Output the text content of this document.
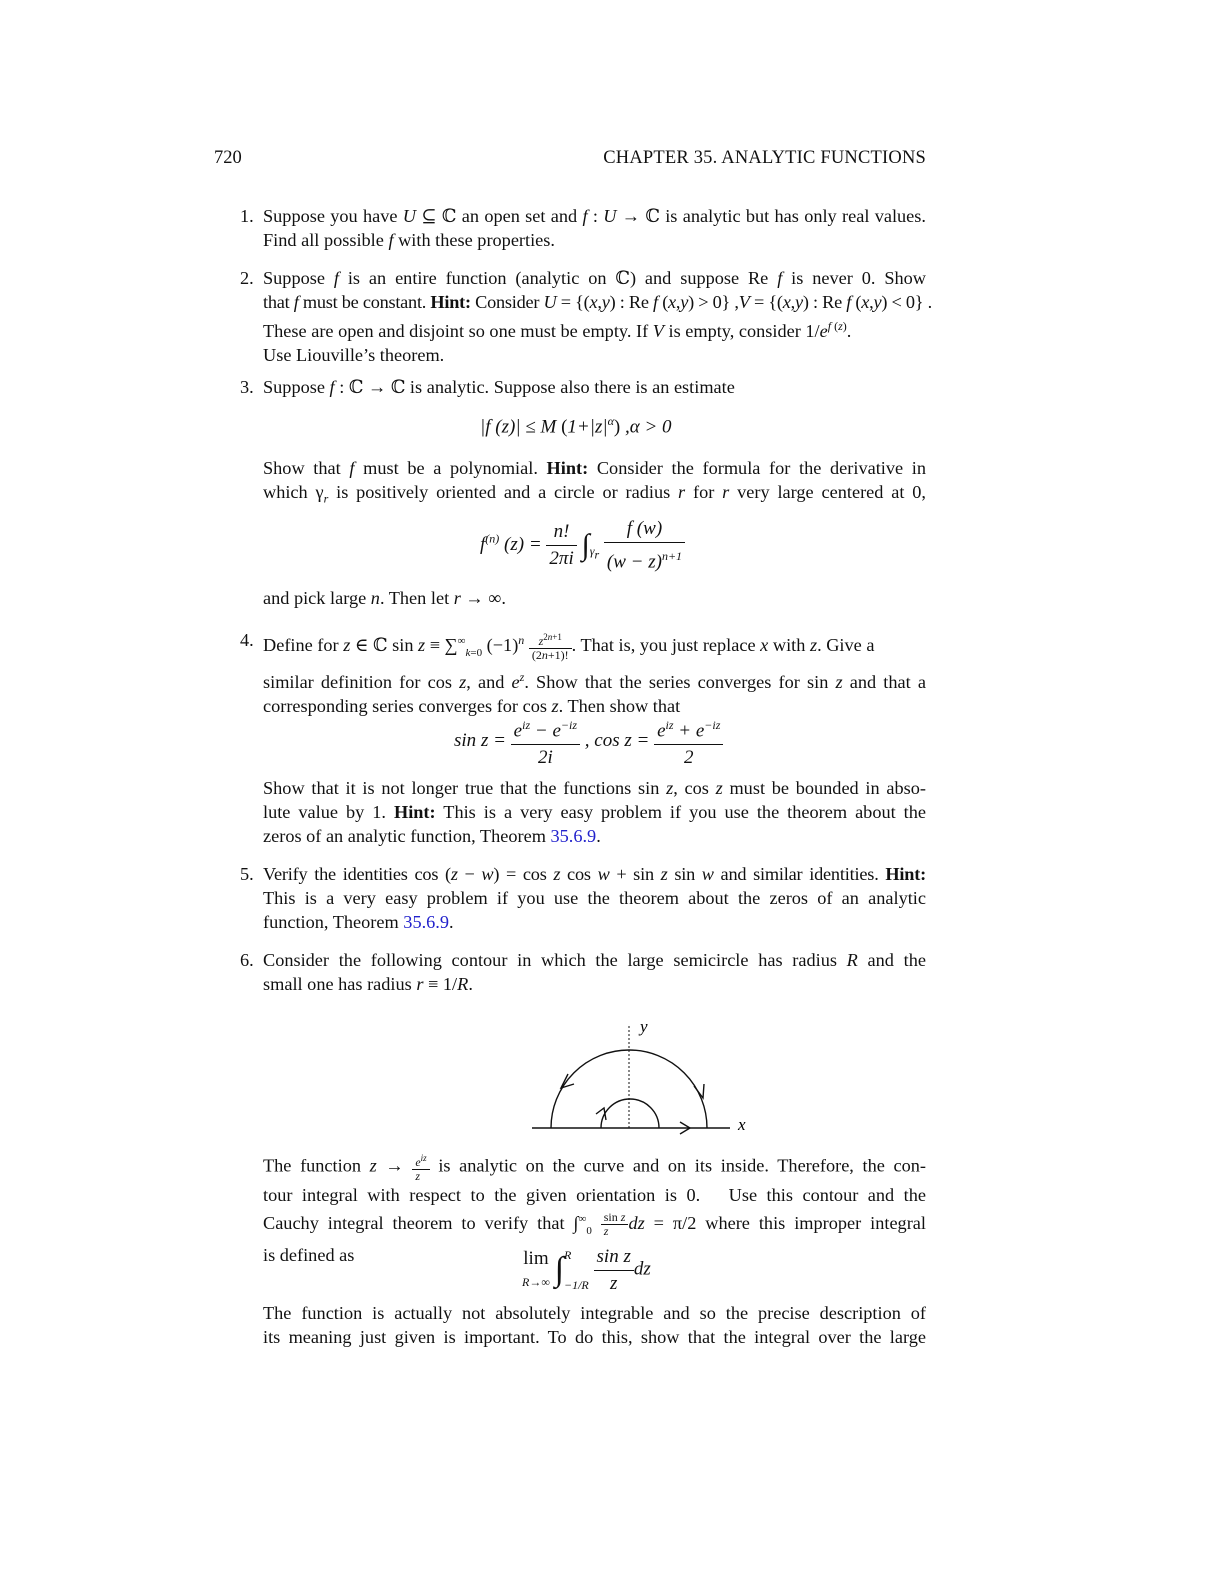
720	CHAPTER 35. ANALYTIC FUNCTIONS
1. Suppose you have U ⊆ ℂ an open set and f : U → ℂ is analytic but has only real values. Find all possible f with these properties.
2. Suppose f is an entire function (analytic on ℂ) and suppose Re f is never 0. Show
that f must be constant. Hint: Consider U = {(x,y) : Re f (x,y) > 0} ,V = {(x,y) : Re f (x,y) < 0} .
These are open and disjoint so one must be empty. If V is empty, consider $1/e^{f (z)}$.
Use Liouville’s theorem.
3. Suppose f : ℂ → ℂ is analytic. Suppose also there is an estimate
|f (z)| ≤ M $(1+|z|^\alpha) ,\alpha > 0$
Show that f must be a polynomial. Hint: Consider the formula for the derivative in
which $\gamma_r$ is positively oriented and a circle or radius r for r very large centered at 0,
$f^{(n)}$ $(z) = \frac{n!}{2\pi i} \int_{\gamma_r} \frac{f (w)}{(w - z)^{n+1}}$
and pick large n. Then let r → ∞.
4. Define for z ∈ ℂ $\sin z \equiv \sum^\infty_{k=0}$ $(-1)^n \frac{z^{2n+1}}{(2n+1)!}$ . That is, you just replace x with z. Give a
similar definition for cos z, and $e^z$. Show that the series converges for sin z and that a
corresponding series converges for cos z. Then show that
$\sin z = \frac{e^{iz} - e^{-iz}}{2i}$ , $\cos z = \frac{e^{iz} + e^{-iz}}{2}$
Show that it is not longer true that the functions sin z, cos z must be bounded in abso-
lute value by 1. Hint: This is a very easy problem if you use the theorem about the
zeros of an analytic function, Theorem 35.6.9.
5. Verify the identities cos (z − w) = cos z cos w + sin z sin w and similar identities. Hint:
This is a very easy problem if you use the theorem about the zeros of an analytic
function, Theorem 35.6.9.
6. Consider the following contour in which the large semicircle has radius R and the
small one has radius r ≡ 1/R.
y
x
The function $z \to \frac{e^{iz}}{z}$ is analytic on the curve and on its inside. Therefore, the con-
tour integral with respect to the given orientation is 0.   Use this contour and the
Cauchy integral theorem to verify that $\int^\infty_0 \frac{\text{sin z}}{z}$ dz = π/2 where this improper integral
is defined as	lim
R→∞ ∫ R
−1/R
$\frac{\text{sin z}}{z}$ dz
The function is actually not absolutely integrable and so the precise description of
its meaning just given is important. To do this, show that the integral over the large
